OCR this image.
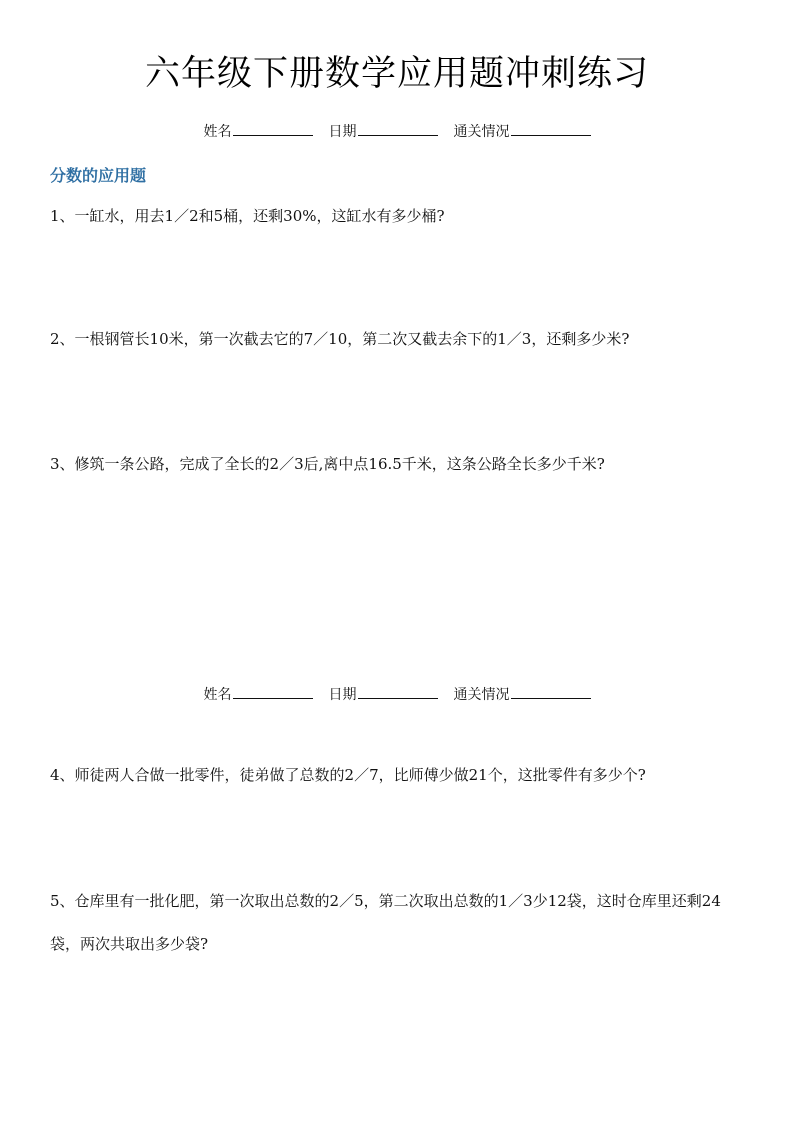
六年级下册数学应用题冲刺练习
姓名	日期	通关情况
分数的应用题
1、一缸水，用去1／2和5桶，还剩30%，这缸水有多少桶?
2、一根钢管长10米，第一次截去它的7／10，第二次又截去余下的1／3，还剩多少米?
3、修筑一条公路，完成了全长的2／3后,离中点16.5千米，这条公路全长多少千米?
姓名	日期	通关情况
4、师徒两人合做一批零件，徒弟做了总数的2／7，比师傅少做21个，这批零件有多少个?
5、仓库里有一批化肥，第一次取出总数的2／5，第二次取出总数的1／3少12袋，这时仓库里还剩24袋，两次共取出多少袋?
